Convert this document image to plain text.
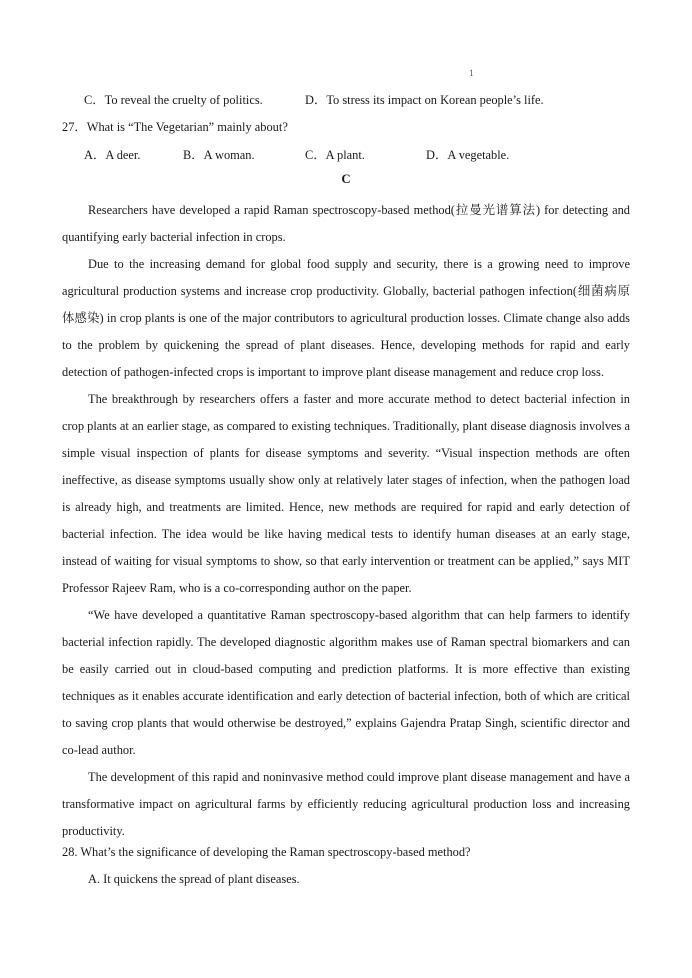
1
C．To reveal the cruelty of politics.	D．To stress its impact on Korean people’s life.
27．What is “The Vegetarian” mainly about?
A．A deer.	B．A woman.	C．A plant.	D．A vegetable.
C

Researchers have developed a rapid Raman spectroscopy-based method(拉曼光谱算法) for detecting and quantifying early bacterial infection in crops.

Due to the increasing demand for global food supply and security, there is a growing need to improve agricultural production systems and increase crop productivity. Globally, bacterial pathogen infection(细菌病原体感染) in crop plants is one of the major contributors to agricultural production losses. Climate change also adds to the problem by quickening the spread of plant diseases. Hence, developing methods for rapid and early detection of pathogen-infected crops is important to improve plant disease management and reduce crop loss.

The breakthrough by researchers offers a faster and more accurate method to detect bacterial infection in crop plants at an earlier stage, as compared to existing techniques. Traditionally, plant disease diagnosis involves a simple visual inspection of plants for disease symptoms and severity. “Visual inspection methods are often ineffective, as disease symptoms usually show only at relatively later stages of infection, when the pathogen load is already high, and treatments are limited. Hence, new methods are required for rapid and early detection of bacterial infection. The idea would be like having medical tests to identify human diseases at an early stage, instead of waiting for visual symptoms to show, so that early intervention or treatment can be applied,” says MIT Professor Rajeev Ram, who is a co-corresponding author on the paper.

“We have developed a quantitative Raman spectroscopy-based algorithm that can help farmers to identify bacterial infection rapidly. The developed diagnostic algorithm makes use of Raman spectral biomarkers and can be easily carried out in cloud-based computing and prediction platforms. It is more effective than existing techniques as it enables accurate identification and early detection of bacterial infection, both of which are critical to saving crop plants that would otherwise be destroyed,” explains Gajendra Pratap Singh, scientific director and co-lead author.

The development of this rapid and noninvasive method could improve plant disease management and have a transformative impact on agricultural farms by efficiently reducing agricultural production loss and increasing productivity.

28. What’s the significance of developing the Raman spectroscopy-based method?
A. It quickens the spread of plant diseases.
